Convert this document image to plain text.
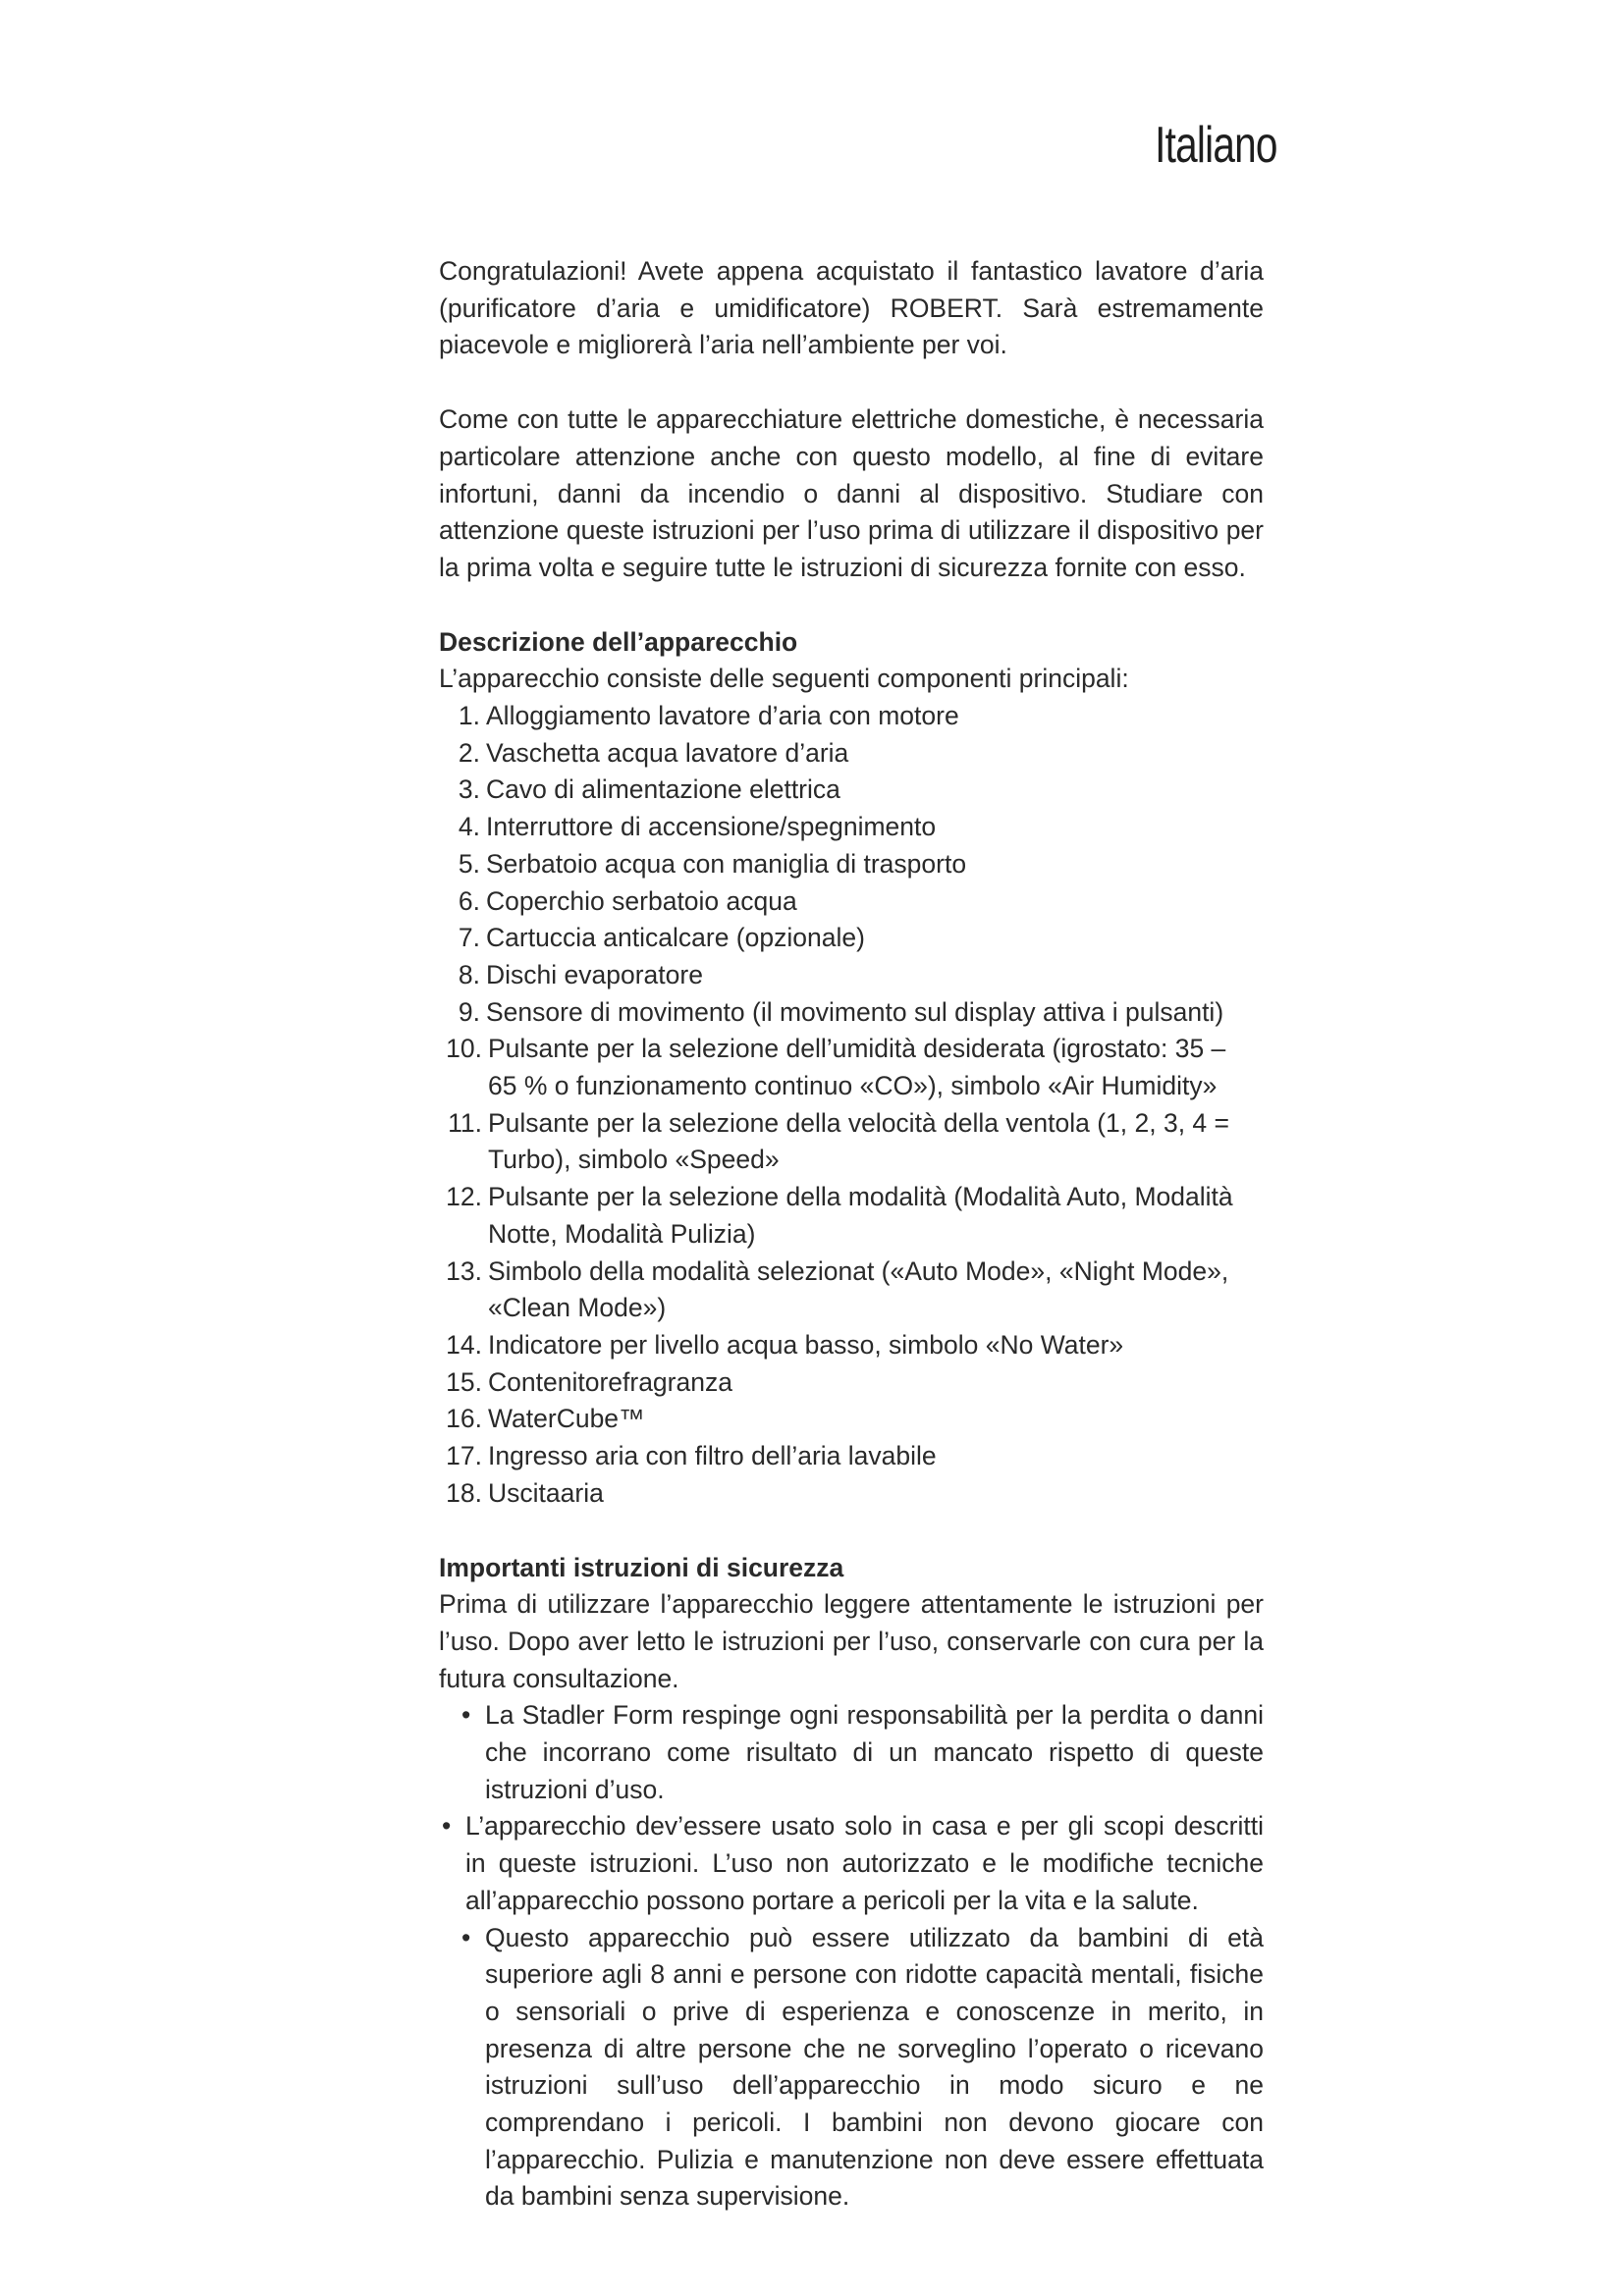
Italiano

Congratulazioni! Avete appena acquistato il fantastico lavatore d’aria (purificatore d’aria e umidificatore) ROBERT. Sarà estremamente piacevole e migliorerà l’aria nell’ambiente per voi.

Come con tutte le apparecchiature elettriche domestiche, è necessaria particolare attenzione anche con questo modello, al fine di evitare infortuni, danni da incendio o danni al dispositivo. Studiare con attenzione queste istruzioni per l’uso prima di utilizzare il dispositivo per la prima volta e seguire tutte le istruzioni di sicurezza fornite con esso.

Descrizione dell’apparecchio

L’apparecchio consiste delle seguenti componenti principali:

1. Alloggiamento lavatore d’aria con motore
2. Vaschetta acqua lavatore d’aria
3. Cavo di alimentazione elettrica
4. Interruttore di accensione/spegnimento
5. Serbatoio acqua con maniglia di trasporto
6. Coperchio serbatoio acqua
7. Cartuccia anticalcare (opzionale)
8. Dischi evaporatore
9. Sensore di movimento (il movimento sul display attiva i pulsanti)
10. Pulsante per la selezione dell’umidità desiderata (igrostato: 35 – 65 % o funzionamento continuo «CO»), simbolo «Air Humidity»
11. Pulsante per la selezione della velocità della ventola (1, 2, 3, 4 = Turbo), simbolo «Speed»
12. Pulsante per la selezione della modalità (Modalità Auto, Modalità Notte, Modalità Pulizia)
13. Simbolo della modalità selezionat («Auto Mode», «Night Mode», «Clean Mode»)
14. Indicatore per livello acqua basso, simbolo «No Water»
15. Contenitorefragranza
16. WaterCube™
17. Ingresso aria con filtro dell’aria lavabile
18. Uscitaaria
Importanti istruzioni di sicurezza

Prima di utilizzare l’apparecchio leggere attentamente le istruzioni per l’uso. Dopo aver letto le istruzioni per l’uso, conservarle con cura per la futura consultazione.

• La Stadler Form respinge ogni responsabilità per la perdita o danni che incorrano come risultato di un mancato rispetto di queste istruzioni d’uso.
• L’apparecchio dev’essere usato solo in casa e per gli scopi descritti in queste istruzioni. L’uso non autorizzato e le modifiche tecniche all’apparecchio possono portare a pericoli per la vita e la salute.
• Questo apparecchio può essere utilizzato da bambini di età superiore agli 8 anni e persone con ridotte capacità mentali, fisiche o sensoriali o prive di esperienza e conoscenze in merito, in presenza di altre persone che ne sorveglino l’operato o ricevano istruzioni sull’uso dell’apparecchio in modo sicuro e ne comprendano i pericoli. I bambini non devono giocare con l’apparecchio. Pulizia e manutenzione non deve essere effettuata da bambini senza supervisione.
